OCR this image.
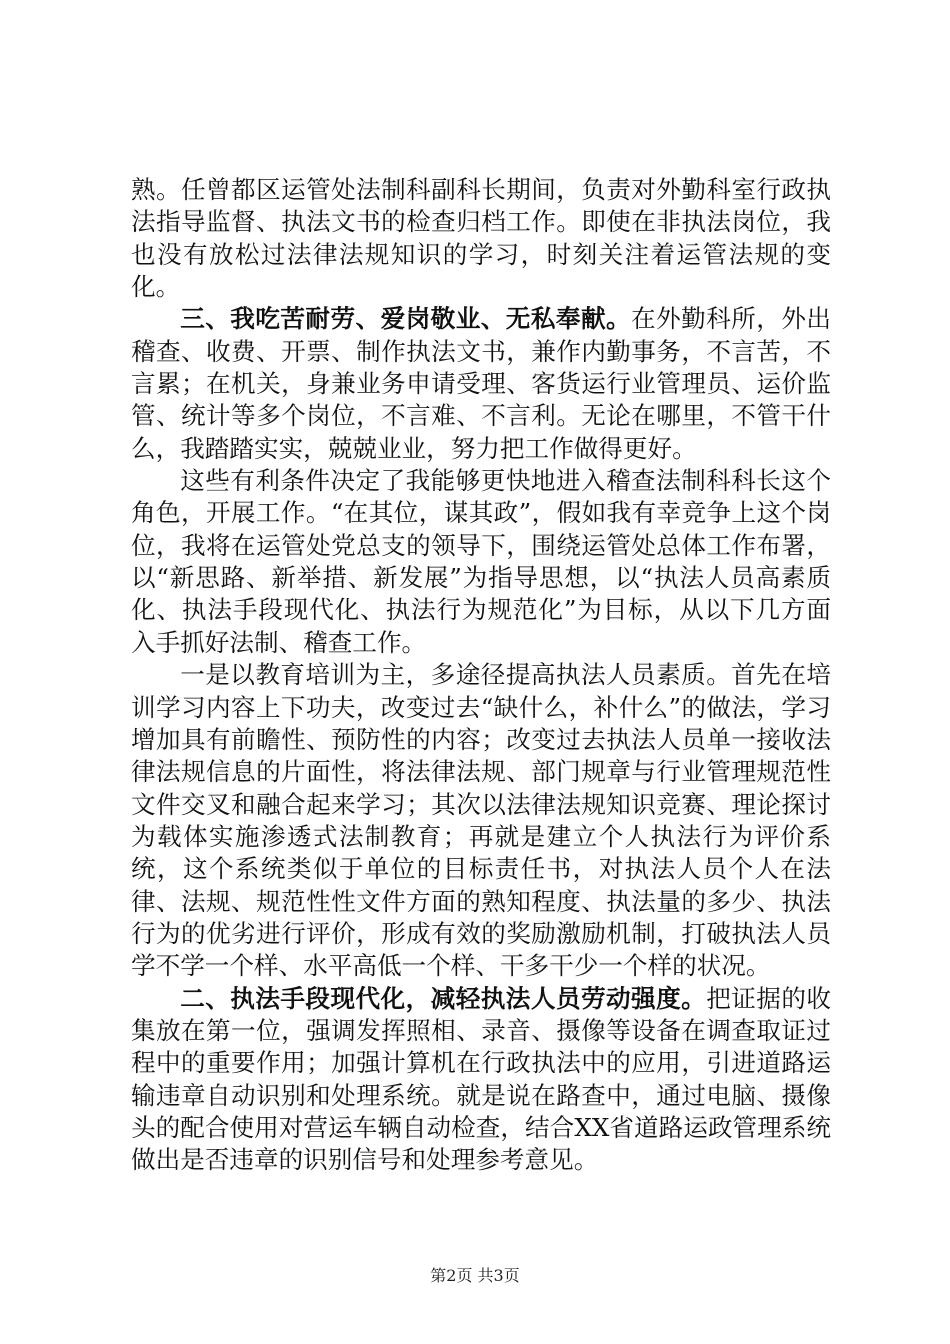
熟。任曾都区运管处法制科副科长期间，负责对外勤科室行政执法指导监督、执法文书的检查归档工作。即使在非执法岗位，我也没有放松过法律法规知识的学习，时刻关注着运管法规的变化。

三、我吃苦耐劳、爱岗敬业、无私奉献。在外勤科所，外出稽查、收费、开票、制作执法文书，兼作内勤事务，不言苦，不言累；在机关，身兼业务申请受理、客货运行业管理员、运价监管、统计等多个岗位，不言难、不言利。无论在哪里，不管干什么，我踏踏实实，兢兢业业，努力把工作做得更好。

这些有利条件决定了我能够更快地进入稽查法制科科长这个角色，开展工作。“在其位，谋其政”，假如我有幸竞争上这个岗位，我将在运管处党总支的领导下，围绕运管处总体工作布署，以“新思路、新举措、新发展”为指导思想，以“执法人员高素质化、执法手段现代化、执法行为规范化”为目标，从以下几方面入手抓好法制、稽查工作。

一是以教育培训为主，多途径提高执法人员素质。首先在培训学习内容上下功夫，改变过去“缺什么，补什么”的做法，学习增加具有前瞻性、预防性的内容；改变过去执法人员单一接收法律法规信息的片面性，将法律法规、部门规章与行业管理规范性文件交叉和融合起来学习；其次以法律法规知识竞赛、理论探讨为载体实施渗透式法制教育；再就是建立个人执法行为评价系统，这个系统类似于单位的目标责任书，对执法人员个人在法律、法规、规范性性文件方面的熟知程度、执法量的多少、执法行为的优劣进行评价，形成有效的奖励激励机制，打破执法人员学不学一个样、水平高低一个样、干多干少一个样的状况。

二、执法手段现代化，减轻执法人员劳动强度。把证据的收集放在第一位，强调发挥照相、录音、摄像等设备在调查取证过程中的重要作用；加强计算机在行政执法中的应用，引进道路运输违章自动识别和处理系统。就是说在路查中，通过电脑、摄像头的配合使用对营运车辆自动检查，结合XX省道路运政管理系统做出是否违章的识别信号和处理参考意见。

第2页 共3页
